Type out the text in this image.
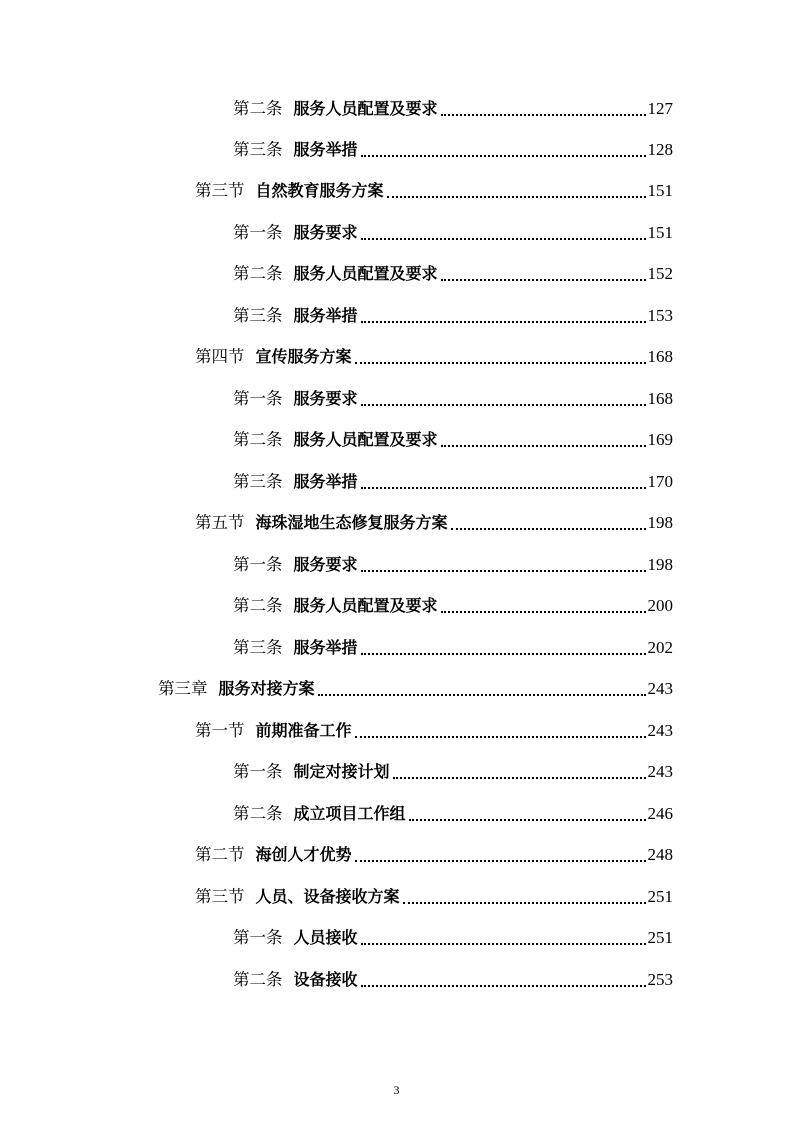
第二条 服务人员配置及要求	127
第三条 服务举措	128
第三节 自然教育服务方案	151
第一条 服务要求	151
第二条 服务人员配置及要求	152
第三条 服务举措	153
第四节 宣传服务方案	168
第一条 服务要求	168
第二条 服务人员配置及要求	169
第三条 服务举措	170
第五节 海珠湿地生态修复服务方案	198
第一条 服务要求	198
第二条 服务人员配置及要求	200
第三条 服务举措	202
第三章 服务对接方案	243
第一节 前期准备工作	243
第一条 制定对接计划	243
第二条 成立项目工作组	246
第二节 海创人才优势	248
第三节 人员、设备接收方案	251
第一条 人员接收	251
第二条 设备接收	253
3
